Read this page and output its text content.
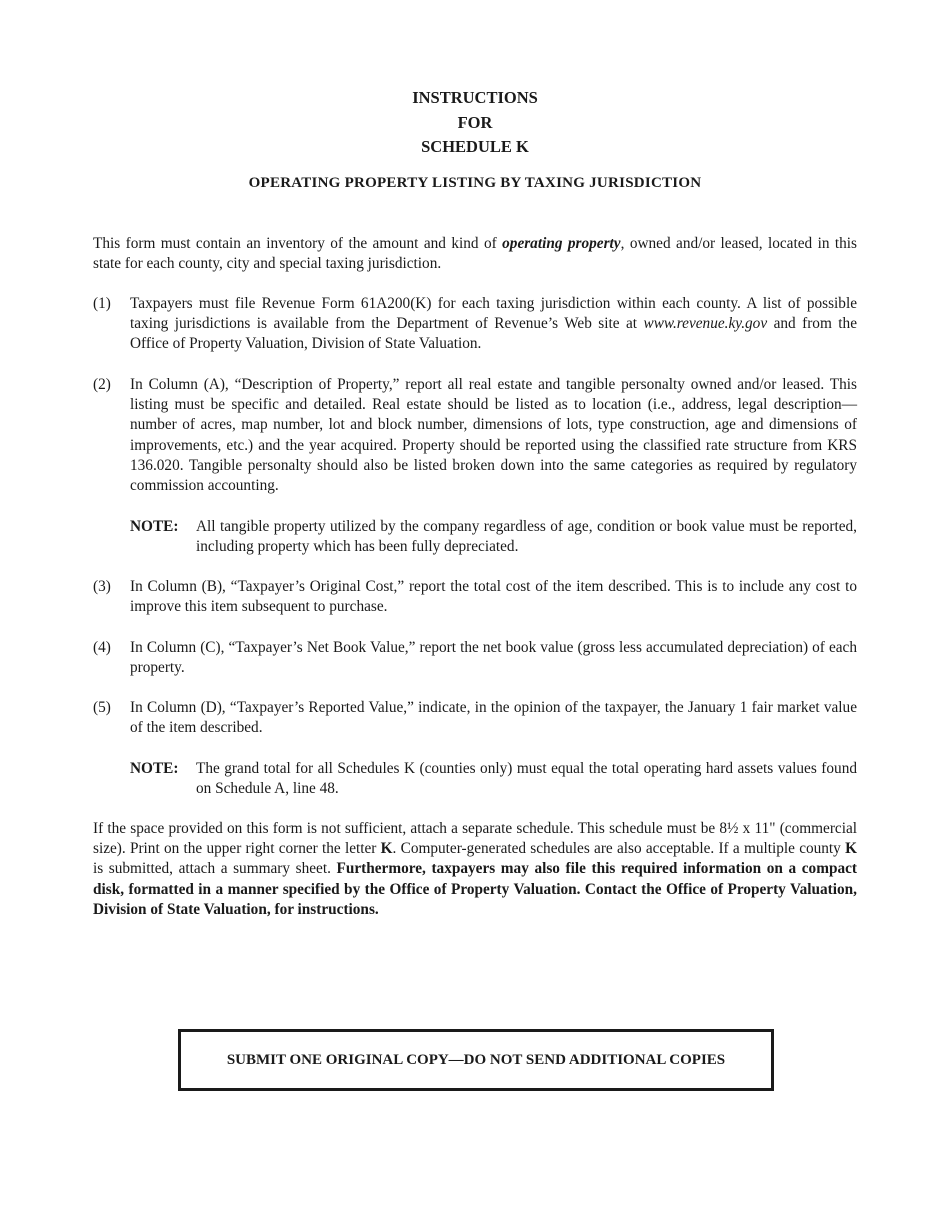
INSTRUCTIONS
FOR
SCHEDULE K
OPERATING PROPERTY LISTING BY TAXING JURISDICTION
This form must contain an inventory of the amount and kind of operating property, owned and/or leased, located in this state for each county, city and special taxing jurisdiction.
(1) Taxpayers must file Revenue Form 61A200(K) for each taxing jurisdiction within each county. A list of possible taxing jurisdictions is available from the Department of Revenue’s Web site at www.revenue.ky.gov and from the Office of Property Valuation, Division of State Valuation.
(2) In Column (A), “Description of Property,” report all real estate and tangible personalty owned and/or leased. This listing must be specific and detailed. Real estate should be listed as to location (i.e., address, legal description—number of acres, map number, lot and block number, dimensions of lots, type construction, age and dimensions of improvements, etc.) and the year acquired. Property should be reported using the classified rate structure from KRS 136.020. Tangible personalty should also be listed broken down into the same categories as required by regulatory commission accounting.
NOTE: All tangible property utilized by the company regardless of age, condition or book value must be reported, including property which has been fully depreciated.
(3) In Column (B), “Taxpayer’s Original Cost,” report the total cost of the item described. This is to include any cost to improve this item subsequent to purchase.
(4) In Column (C), “Taxpayer’s Net Book Value,” report the net book value (gross less accumulated depreciation) of each property.
(5) In Column (D), “Taxpayer’s Reported Value,” indicate, in the opinion of the taxpayer, the January 1 fair market value of the item described.
NOTE: The grand total for all Schedules K (counties only) must equal the total operating hard assets values found on Schedule A, line 48.
If the space provided on this form is not sufficient, attach a separate schedule. This schedule must be 8½ x 11" (commercial size). Print on the upper right corner the letter K. Computer-generated schedules are also acceptable. If a multiple county K is submitted, attach a summary sheet. Furthermore, taxpayers may also file this required information on a compact disk, formatted in a manner specified by the Office of Property Valuation. Contact the Office of Property Valuation, Division of State Valuation, for instructions.
SUBMIT ONE ORIGINAL COPY—DO NOT SEND ADDITIONAL COPIES
